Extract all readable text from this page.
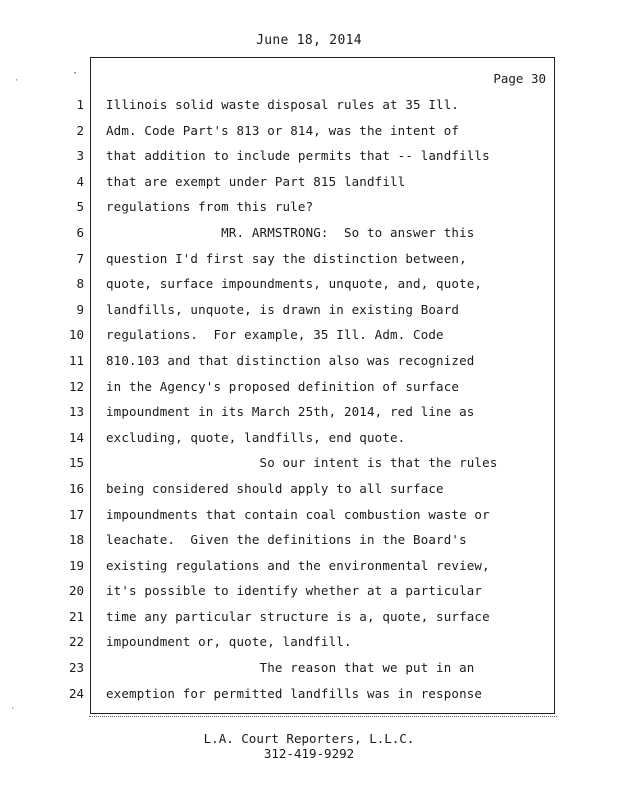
June 18, 2014
·
·
·
Page 30
1
2
3
4
5
6
7
8
9
10
11
12
13
14
15
16
17
18
19
20
21
22
23
24
Illinois solid waste disposal rules at 35 Ill.
Adm. Code Part's 813 or 814, was the intent of
that addition to include permits that -- landfills
that are exempt under Part 815 landfill
regulations from this rule?
MR. ARMSTRONG:  So to answer this
question I'd first say the distinction between,
quote, surface impoundments, unquote, and, quote,
landfills, unquote, is drawn in existing Board
regulations.  For example, 35 Ill. Adm. Code
810.103 and that distinction also was recognized
in the Agency's proposed definition of surface
impoundment in its March 25th, 2014, red line as
excluding, quote, landfills, end quote.
So our intent is that the rules
being considered should apply to all surface
impoundments that contain coal combustion waste or
leachate.  Given the definitions in the Board's
existing regulations and the environmental review,
it's possible to identify whether at a particular
time any particular structure is a, quote, surface
impoundment or, quote, landfill.
The reason that we put in an
exemption for permitted landfills was in response
L.A. Court Reporters, L.L.C.
312-419-9292
